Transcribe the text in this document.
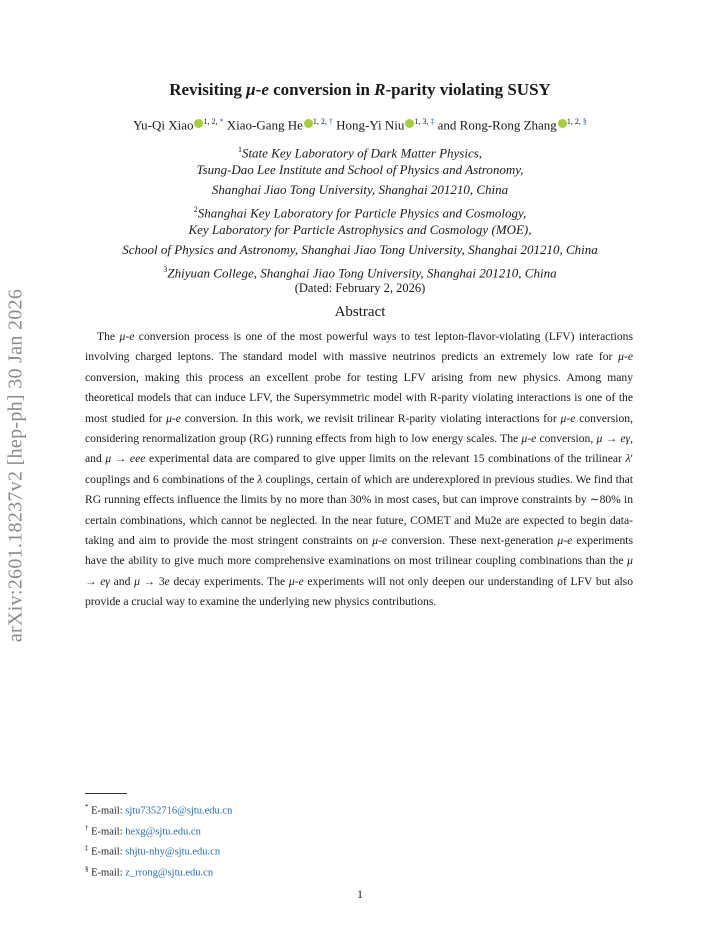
arXiv:2601.18237v2 [hep-ph] 30 Jan 2026
Revisiting μ-e conversion in R-parity violating SUSY
Yu-Qi Xiao $^{1, 2, *}$ Xiao-Gang He $^{1, 2, \dagger}$ Hong-Yi Niu $^{1, 3, \ddagger}$ and Rong-Rong Zhang $^{1, 2, \S}$
$^1$State Key Laboratory of Dark Matter Physics,
Tsung-Dao Lee Institute and School of Physics and Astronomy,
Shanghai Jiao Tong University, Shanghai 201210, China
$^2$Shanghai Key Laboratory for Particle Physics and Cosmology,
Key Laboratory for Particle Astrophysics and Cosmology (MOE),
School of Physics and Astronomy, Shanghai Jiao Tong University, Shanghai 201210, China
$^3$Zhiyuan College, Shanghai Jiao Tong University, Shanghai 201210, China
(Dated: February 2, 2026)
Abstract

The μ-e conversion process is one of the most powerful ways to test lepton-flavor-violating (LFV) interactions involving charged leptons. The standard model with massive neutrinos predicts an extremely low rate for μ-e conversion, making this process an excellent probe for testing LFV arising from new physics. Among many theoretical models that can induce LFV, the Supersymmetric model with R-parity violating interactions is one of the most studied for μ-e conversion. In this work, we revisit trilinear R-parity violating interactions for μ-e conversion, considering renormalization group (RG) running effects from high to low energy scales. The μ-e conversion, μ → eγ, and μ → eee experimental data are compared to give upper limits on the relevant 15 combinations of the trilinear λ′ couplings and 6 combinations of the λ couplings, certain of which are underexplored in previous studies. We find that RG running effects influence the limits by no more than 30% in most cases, but can improve constraints by ∼80% in certain combinations, which cannot be neglected. In the near future, COMET and Mu2e are expected to begin data-taking and aim to provide the most stringent constraints on μ-e conversion. These next-generation μ-e experiments have the ability to give much more comprehensive examinations on most trilinear coupling combinations than the μ → eγ and μ → 3e decay experiments. The μ-e experiments will not only deepen our understanding of LFV but also provide a crucial way to examine the underlying new physics contributions.

* E-mail: sjtu7352716@sjtu.edu.cn
† E-mail: hexg@sjtu.edu.cn
‡ E-mail: shjtu-nhy@sjtu.edu.cn
§ E-mail: z_rrong@sjtu.edu.cn
1
